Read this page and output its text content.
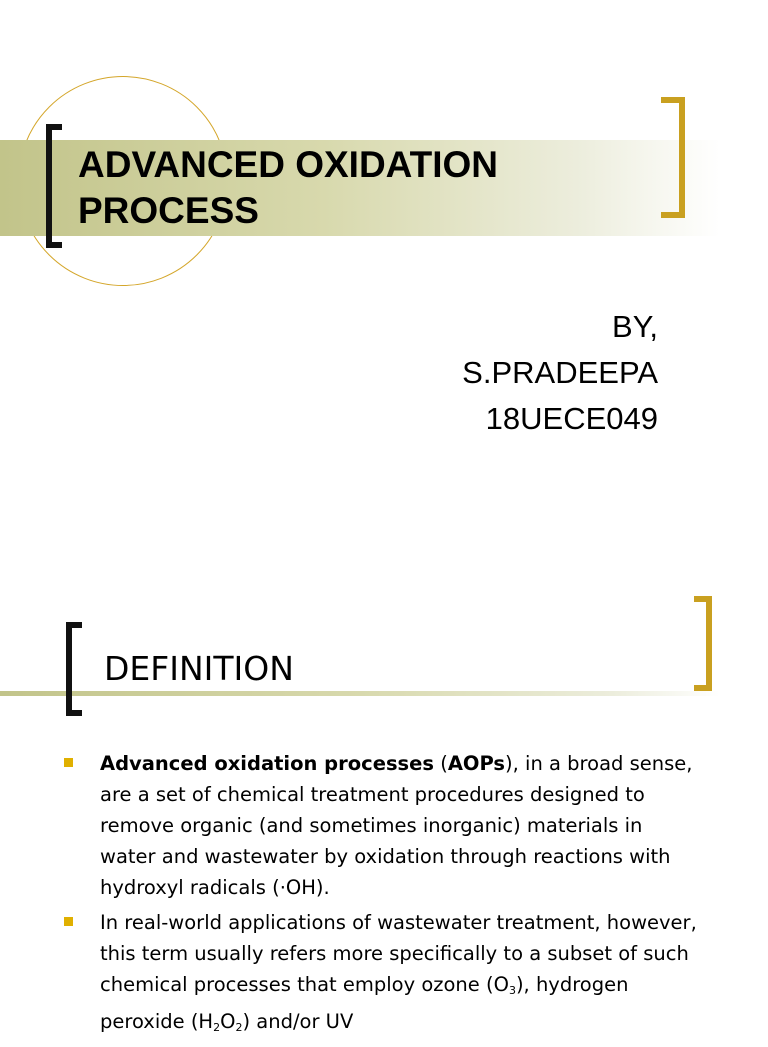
ADVANCED OXIDATION
PROCESS
BY,
S.PRADEEPA
18UECE049
DEFINITION
Advanced oxidation processes (AOPs), in a broad sense, are a set of chemical treatment procedures designed to remove organic (and sometimes inorganic) materials in water and wastewater by oxidation through reactions with hydroxyl radicals (·OH).
In real-world applications of wastewater treatment, however, this term usually refers more specifically to a subset of such chemical processes that employ ozone $(O_3)$, hydrogen peroxide $(H_2O_2)$ and/or UV
